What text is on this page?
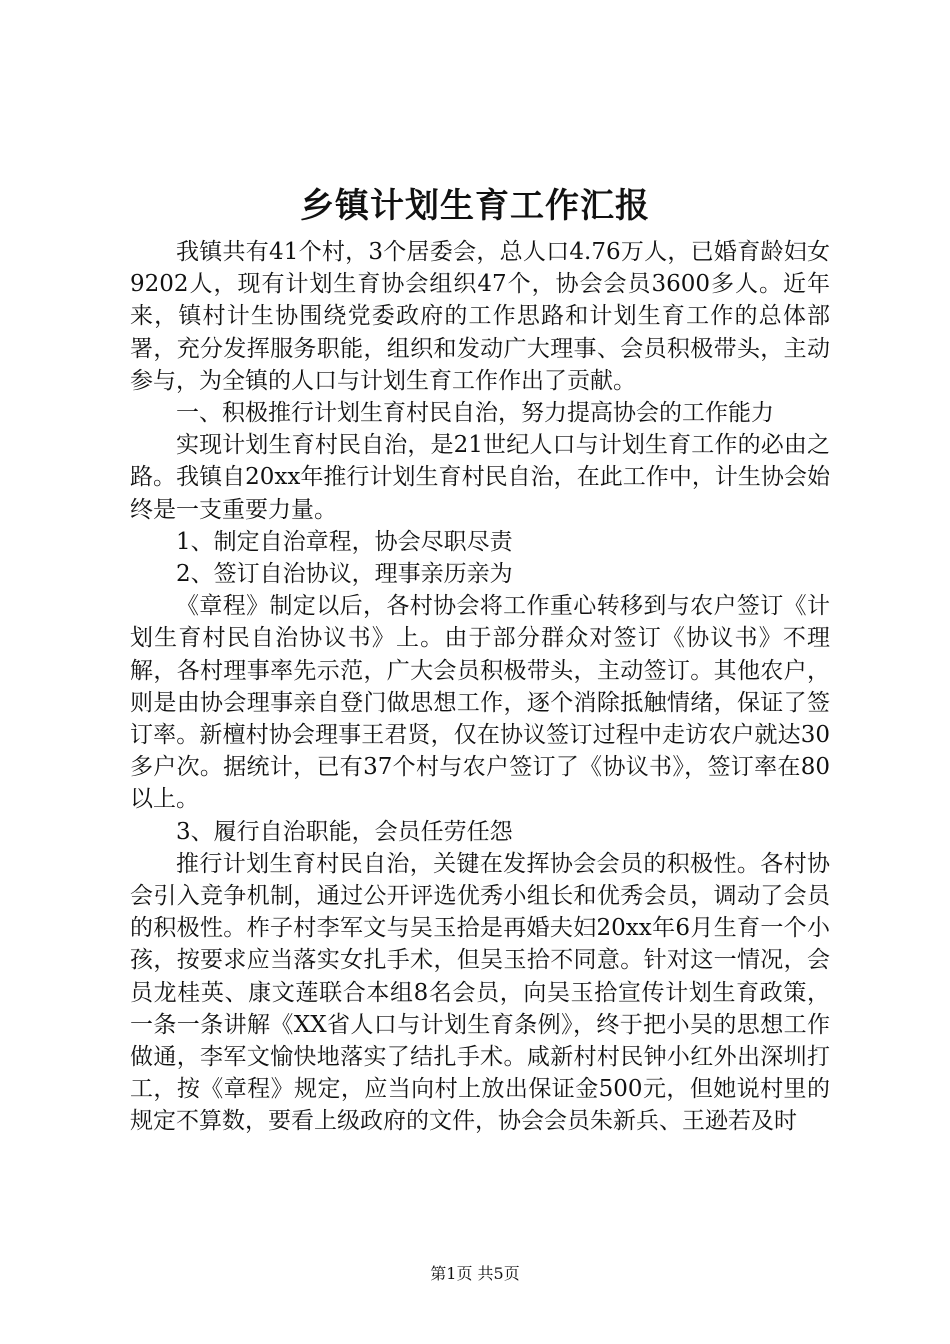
乡镇计划生育工作汇报

我镇共有41个村，3个居委会，总人口4.76万人，已婚育龄妇女9202人，现有计划生育协会组织47个，协会会员3600多人。近年来，镇村计生协围绕党委政府的工作思路和计划生育工作的总体部署，充分发挥服务职能，组织和发动广大理事、会员积极带头，主动参与，为全镇的人口与计划生育工作作出了贡献。

一、积极推行计划生育村民自治，努力提高协会的工作能力

实现计划生育村民自治，是21世纪人口与计划生育工作的必由之路。我镇自20xx年推行计划生育村民自治，在此工作中，计生协会始终是一支重要力量。

1、制定自治章程，协会尽职尽责

2、签订自治协议，理事亲历亲为

《章程》制定以后，各村协会将工作重心转移到与农户签订《计划生育村民自治协议书》上。由于部分群众对签订《协议书》不理解，各村理事率先示范，广大会员积极带头，主动签订。其他农户，则是由协会理事亲自登门做思想工作，逐个消除抵触情绪，保证了签订率。新檀村协会理事王君贤，仅在协议签订过程中走访农户就达30多户次。据统计，已有37个村与农户签订了《协议书》，签订率在80以上。

3、履行自治职能，会员任劳任怨

推行计划生育村民自治，关键在发挥协会会员的积极性。各村协会引入竞争机制，通过公开评选优秀小组长和优秀会员，调动了会员的积极性。柞子村李军文与吴玉拾是再婚夫妇20xx年6月生育一个小孩，按要求应当落实女扎手术，但吴玉拾不同意。针对这一情况，会员龙桂英、康文莲联合本组8名会员，向吴玉拾宣传计划生育政策，一条一条讲解《XX省人口与计划生育条例》，终于把小吴的思想工作做通，李军文愉快地落实了结扎手术。咸新村村民钟小红外出深圳打工，按《章程》规定，应当向村上放出保证金500元，但她说村里的规定不算数，要看上级政府的文件，协会会员朱新兵、王逊若及时

第1页 共5页
